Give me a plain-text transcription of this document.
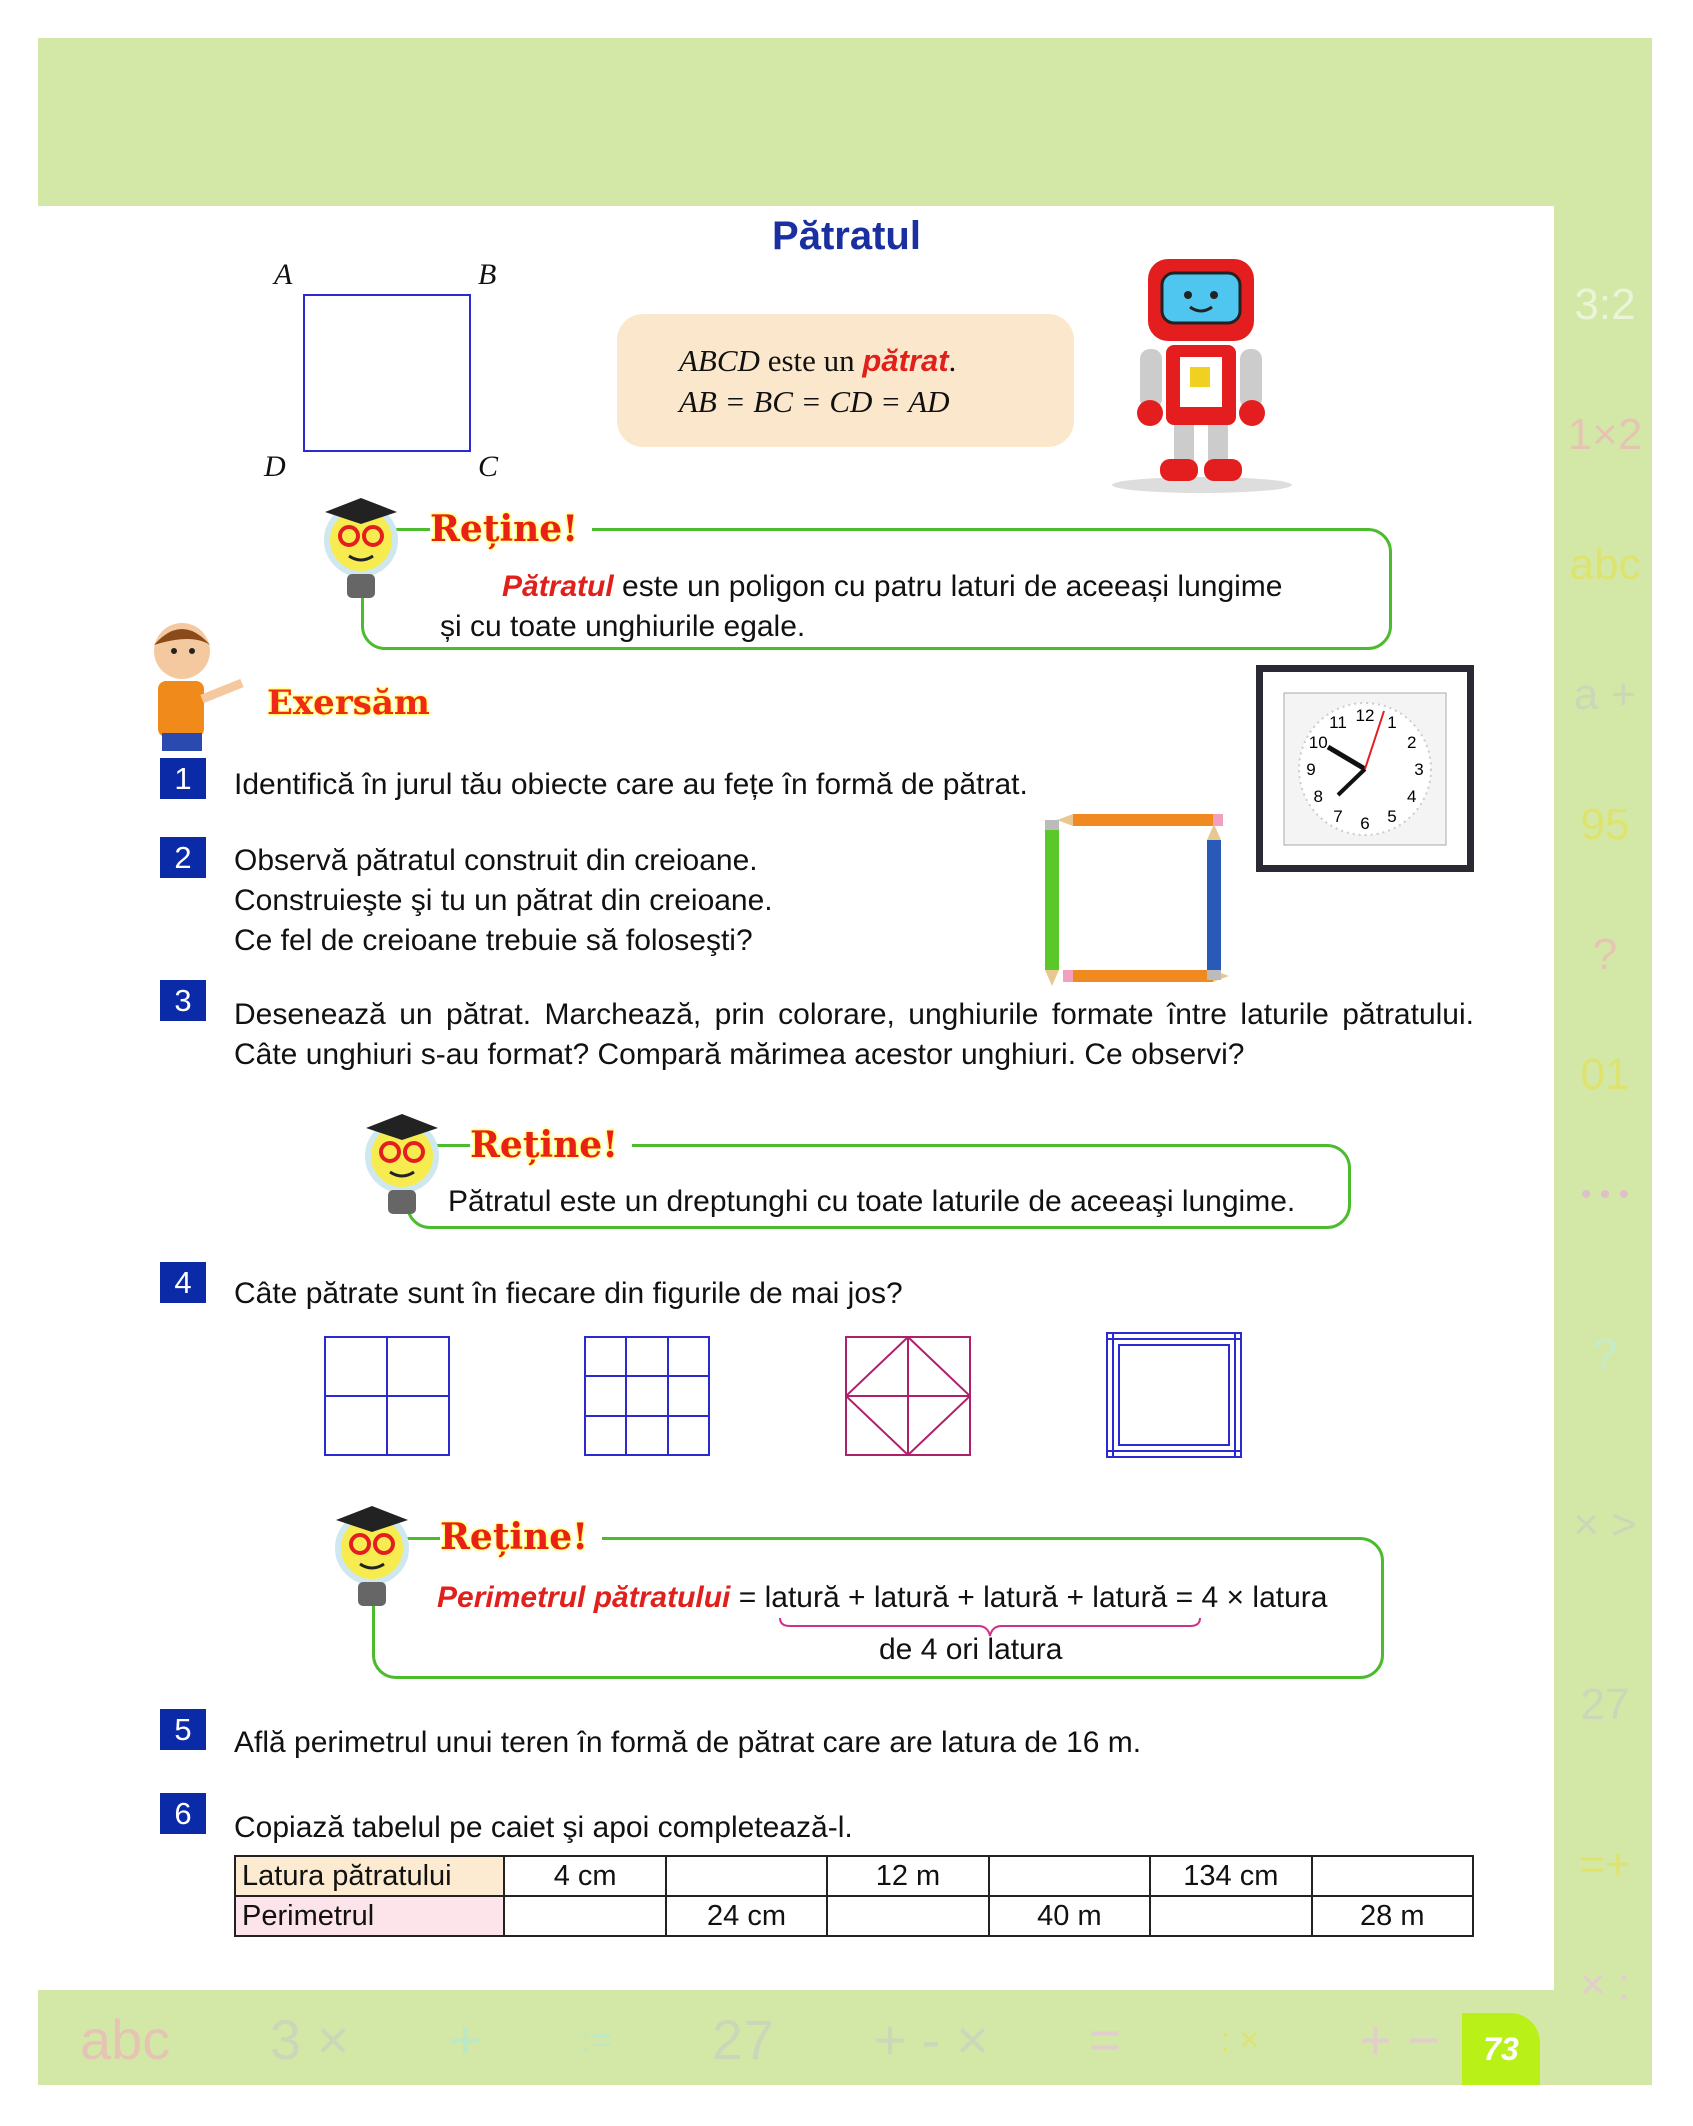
3:2
1×2
abc
a +
95
?
01
• • •
?
× >
27
=+
× :
abc 3 × +	:= 27 + - × =	: × + −	73
Pătratul
A	B
C
D
ABCD este un pătrat.
AB = BC = CD = AD
Reține!
Pătratul este un poligon cu patru laturi de aceeași lungime
și cu toate unghiurile egale.
Exersăm
1	Identifică în jurul tău obiecte care au fețe în formă de pătrat.
12 1
2
3
4
5
6
7
8
9
10
11
2	Observă pătratul construit din creioane.
Construieşte şi tu un pătrat din creioane.
Ce fel de creioane trebuie să foloseşti?
3	Desenează un pătrat. Marchează, prin colorare, unghiurile formate între laturile pătratului. Câte unghiuri s-au format? Compară mărimea acestor unghiuri. Ce observi?
Reține!
Pătratul este un dreptunghi cu toate laturile de aceeaşi lungime.
4	Câte pătrate sunt în fiecare din figurile de mai jos?
Reține!
Perimetrul pătratului = latură + latură + latură + latură = 4 × latura
de 4 ori latura
5	Află perimetrul unui teren în formă de pătrat care are latura de 16 m.
6	Copiază tabelul pe caiet şi apoi completează-l.
Latura pătratului	4 cm		12 m		134 cm	
Perimetrul		24 cm		40 m		28 m
